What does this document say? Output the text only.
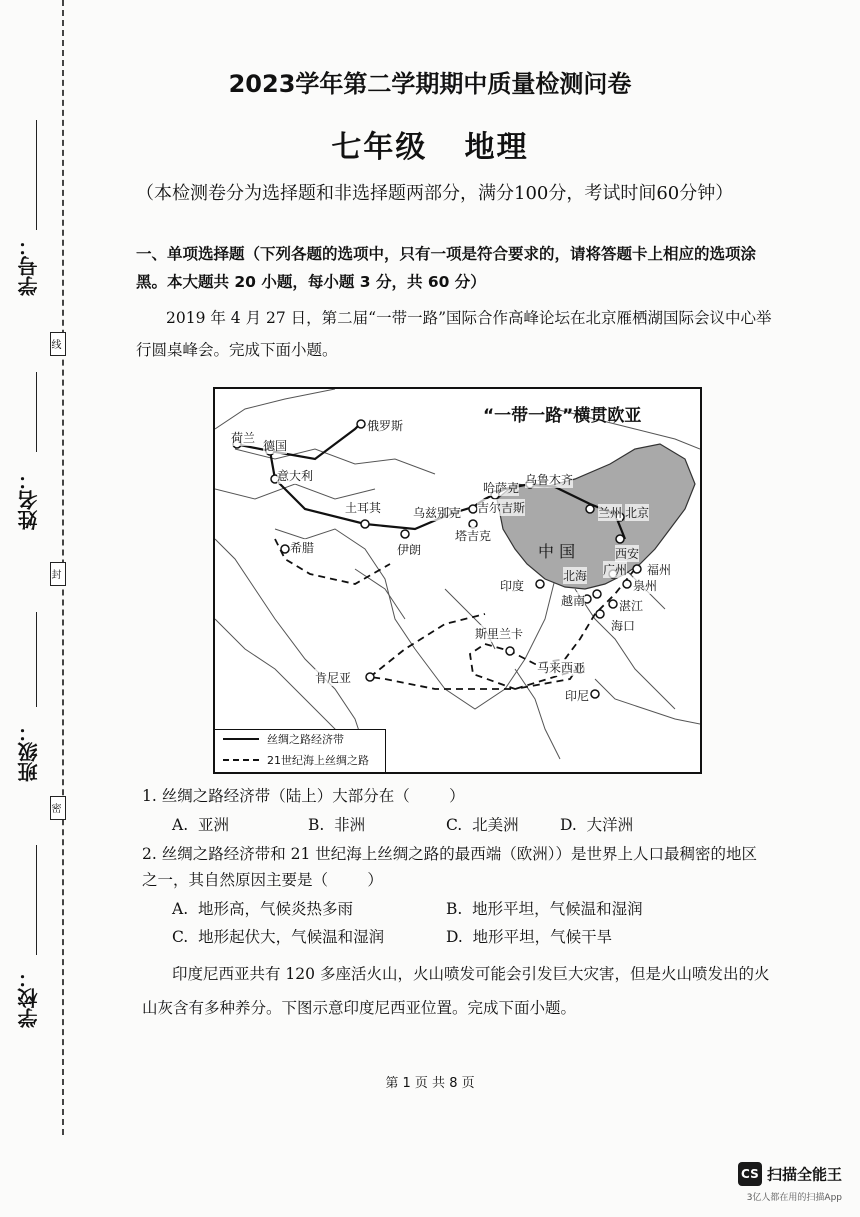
学号：
线
姓名：
封
班级：
密
学校：
2023学年第二学期期中质量检测问卷
七年级   地理
（本检测卷分为选择题和非选择题两部分，满分100分，考试时间60分钟）
一、单项选择题（下列各题的选项中，只有一项是符合要求的，请将答题卡上相应的选项涂
黑。本大题共 20 小题，每小题 3 分，共 60 分）
2019 年 4 月 27 日，第二届“一带一路”国际合作高峰论坛在北京雁栖湖国际会议中心举
行圆桌峰会。完成下面小题。
“一带一路”横贯欧亚
中 国
俄罗斯
荷兰
德国
意大利
土耳其
希腊	伊朗
哈萨克
乌鲁木齐
乌兹别克 吉尔吉斯
塔吉克
兰州 北京
西安
福州
泉州
广州
北海
湛江
海口
越南
印度
斯里兰卡
马来西亚
印尼
肯尼亚
丝绸之路经济带
21世纪海上丝绸之路
1. 丝绸之路经济带（陆上）大部分在（        ）
A.  亚洲	B.  非洲	C.  北美洲	D.  大洋洲
2. 丝绸之路经济带和 21 世纪海上丝绸之路的最西端（欧洲））是世界上人口最稠密的地区
之一，其自然原因主要是（        ）
A.  地形高，气候炎热多雨	B.  地形平坦，气候温和湿润
C.  地形起伏大，气候温和湿润	D.  地形平坦，气候干旱
印度尼西亚共有 120 多座活火山，火山喷发可能会引发巨大灾害，但是火山喷发出的火
山灰含有多种养分。下图示意印度尼西亚位置。完成下面小题。
第 1 页 共 8 页
CS 扫描全能王
3亿人都在用的扫描App
